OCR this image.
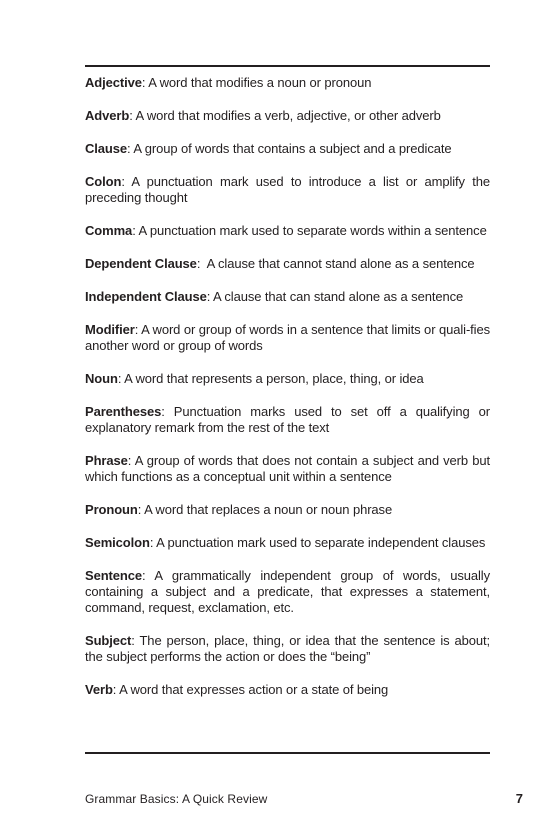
Adjective: A word that modifies a noun or pronoun

Adverb: A word that modifies a verb, adjective, or other adverb

Clause: A group of words that contains a subject and a predicate

Colon: A punctuation mark used to introduce a list or amplify the preceding thought

Comma: A punctuation mark used to separate words within a sentence

Dependent Clause:  A clause that cannot stand alone as a sentence

Independent Clause: A clause that can stand alone as a sentence

Modifier: A word or group of words in a sentence that limits or quali-fies another word or group of words

Noun: A word that represents a person, place, thing, or idea

Parentheses: Punctuation marks used to set off a qualifying or explanatory remark from the rest of the text

Phrase: A group of words that does not contain a subject and verb but which functions as a conceptual unit within a sentence

Pronoun: A word that replaces a noun or noun phrase

Semicolon: A punctuation mark used to separate independent clauses

Sentence: A grammatically independent group of words, usually containing a subject and a predicate, that expresses a statement, command, request, exclamation, etc.

Subject: The person, place, thing, or idea that the sentence is about; the subject performs the action or does the “being”

Verb: A word that expresses action or a state of being

Grammar Basics: A Quick Review	7
